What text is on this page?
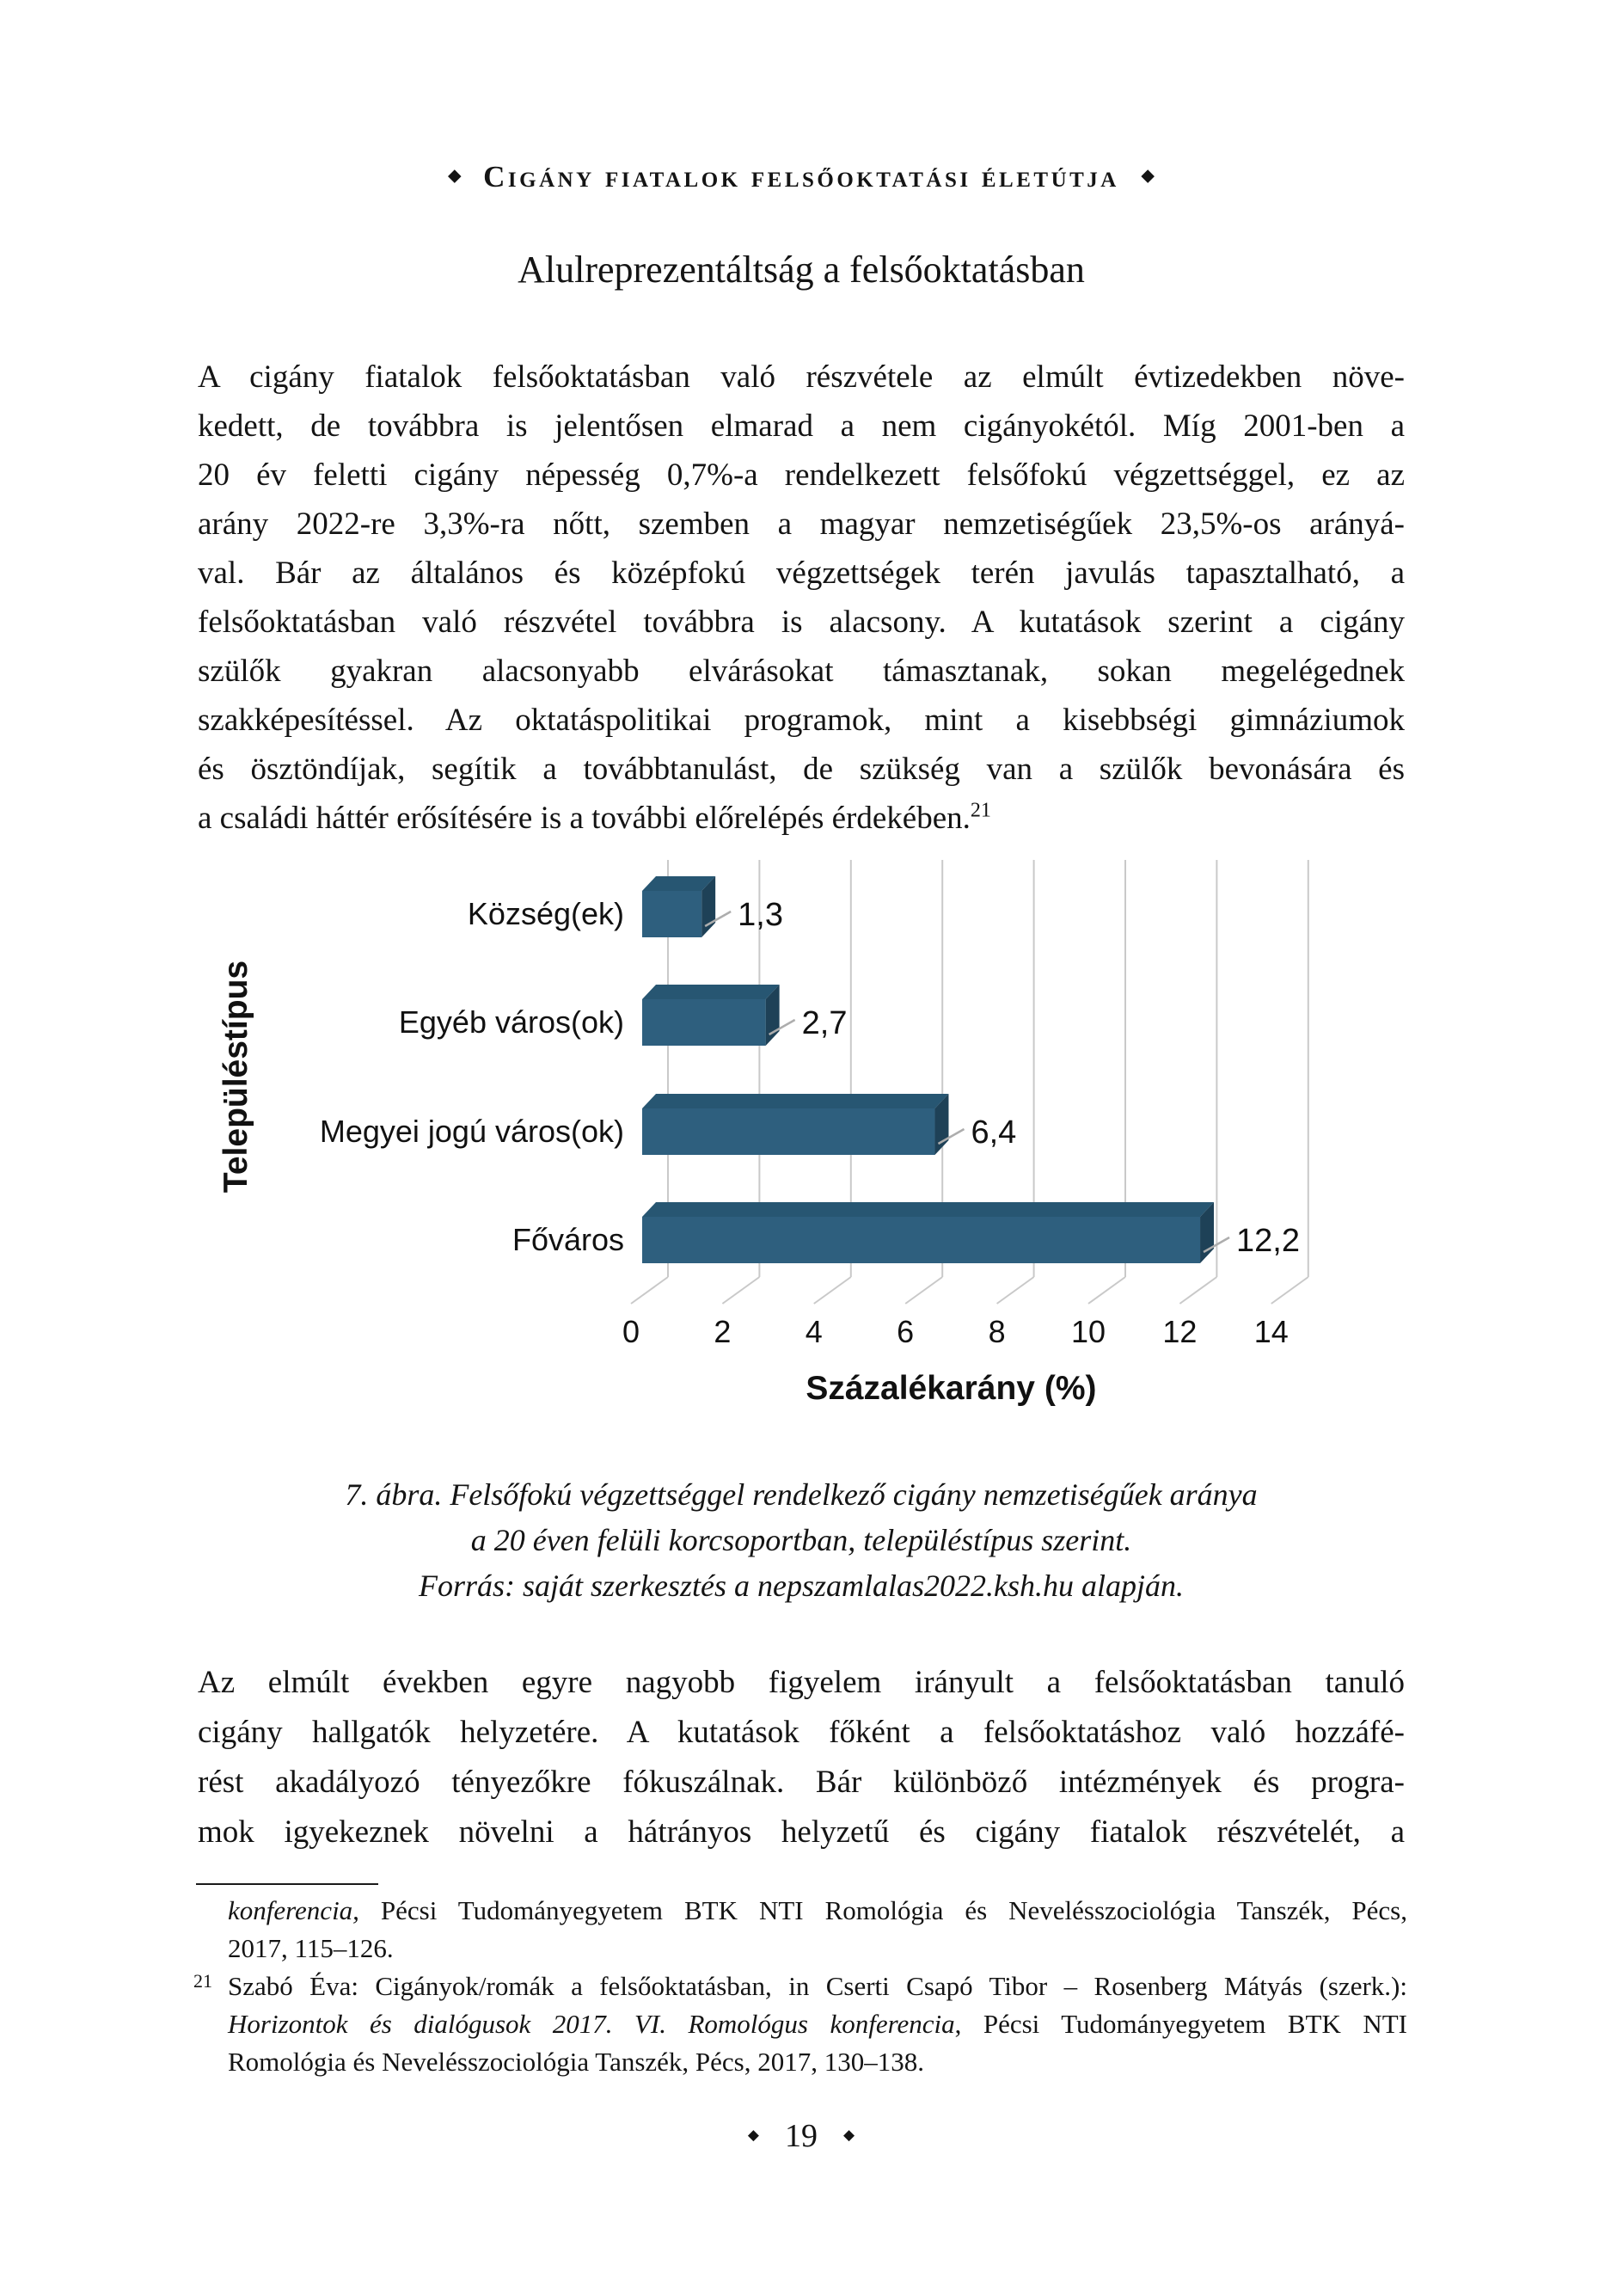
◆ Cigány fiatalok felsőoktatási életútja ◆
Alulreprezentáltság a felsőoktatásban
A cigány fiatalok felsőoktatásban való részvétele az elmúlt évtizedekben növe-
kedett, de továbbra is jelentősen elmarad a nem cigányokétól. Míg 2001-ben a
20 év feletti cigány népesség 0,7%-a rendelkezett felsőfokú végzettséggel, ez az
arány 2022-re 3,3%-ra nőtt, szemben a magyar nemzetiségűek 23,5%-os arányá-
val. Bár az általános és középfokú végzettségek terén javulás tapasztalható, a
felsőoktatásban való részvétel továbbra is alacsony. A kutatások szerint a cigány
szülők gyakran alacsonyabb elvárásokat támasztanak, sokan megelégednek
szakképesítéssel. Az oktatáspolitikai programok, mint a kisebbségi gimnáziumok
és ösztöndíjak, segítik a továbbtanulást, de szükség van a szülők bevonására és
a családi háttér erősítésére is a további előrelépés érdekében.$^{21}$
1,3
Község(ek)
2,7
Egyéb város(ok)
6,4
Megyei jogú város(ok)
12,2
Főváros
0 2 4 6 8 10 12 14
Százalékarány (%)
Településtípus
7. ábra. Felsőfokú végzettséggel rendelkező cigány nemzetiségűek aránya
a 20 éven felüli korcsoportban, településtípus szerint.
Forrás: saját szerkesztés a nepszamlalas2022.ksh.hu alapján.
Az elmúlt években egyre nagyobb figyelem irányult a felsőoktatásban tanuló
cigány hallgatók helyzetére. A kutatások főként a felsőoktatáshoz való hozzáfé-
rést akadályozó tényezőkre fókuszálnak. Bár különböző intézmények és progra-
mok igyekeznek növelni a hátrányos helyzetű és cigány fiatalok részvételét, a
konferencia, Pécsi Tudományegyetem BTK NTI Romológia és Nevelésszociológia Tanszék, Pécs,
2017, 115–126.
21 Szabó Éva: Cigányok/romák a felsőoktatásban, in Cserti Csapó Tibor – Rosenberg Mátyás (szerk.):
Horizontok és dialógusok 2017. VI. Romológus konferencia, Pécsi Tudományegyetem BTK NTI
Romológia és Nevelésszociológia Tanszék, Pécs, 2017, 130–138.
◆ 19 ◆
